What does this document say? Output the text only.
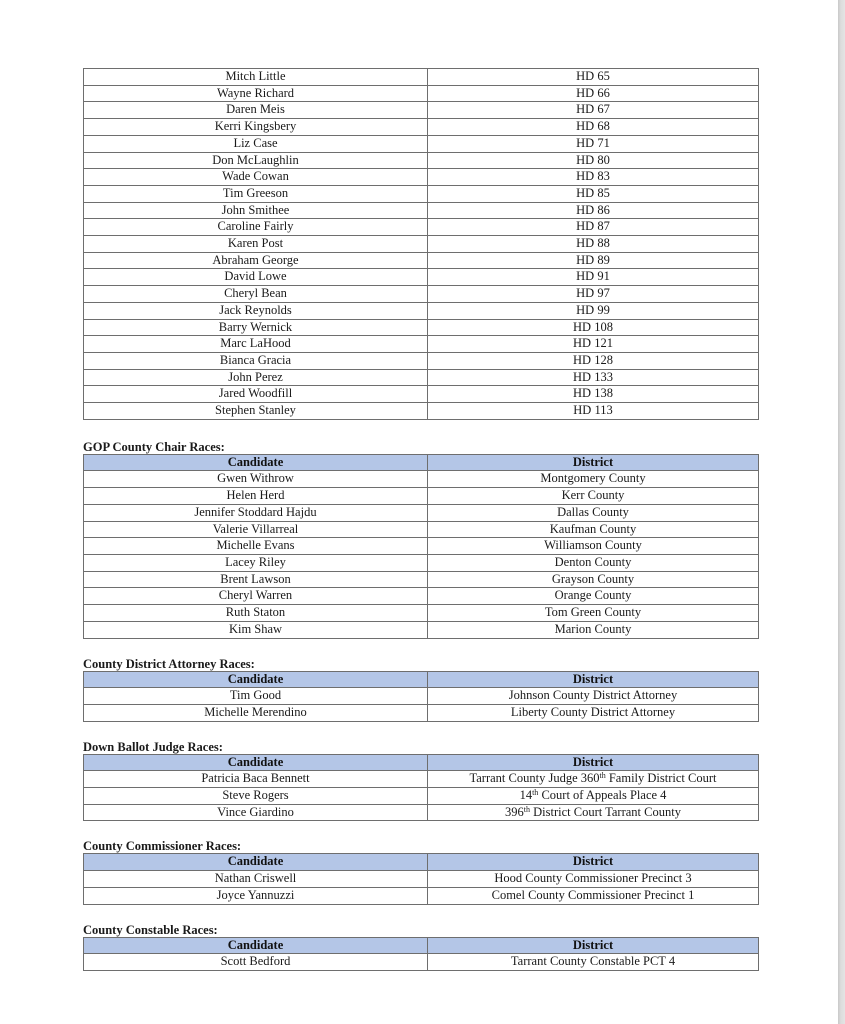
Mitch Little	HD 65
Wayne Richard	HD 66
Daren Meis	HD 67
Kerri Kingsbery	HD 68
Liz Case	HD 71
Don McLaughlin	HD 80
Wade Cowan	HD 83
Tim Greeson	HD 85
John Smithee	HD 86
Caroline Fairly	HD 87
Karen Post	HD 88
Abraham George	HD 89
David Lowe	HD 91
Cheryl Bean	HD 97
Jack Reynolds	HD 99
Barry Wernick	HD 108
Marc LaHood	HD 121
Bianca Gracia	HD 128
John Perez	HD 133
Jared Woodfill	HD 138
Stephen Stanley	HD 113

GOP County Chair Races:

Candidate	District
Gwen Withrow	Montgomery County
Helen Herd	Kerr County
Jennifer Stoddard Hajdu	Dallas County
Valerie Villarreal	Kaufman County
Michelle Evans	Williamson County
Lacey Riley	Denton County
Brent Lawson	Grayson County
Cheryl Warren	Orange County
Ruth Staton	Tom Green County
Kim Shaw	Marion County

County District Attorney Races:

Candidate	District
Tim Good	Johnson County District Attorney
Michelle Merendino	Liberty County District Attorney

Down Ballot Judge Races:

Candidate	District
Patricia Baca Bennett	Tarrant County Judge 360th Family District Court
Steve Rogers	14th Court of Appeals Place 4
Vince Giardino	396th District Court Tarrant County

County Commissioner Races:

Candidate	District
Nathan Criswell	Hood County Commissioner Precinct 3
Joyce Yannuzzi	Comel County Commissioner Precinct 1

County Constable Races:

Candidate	District
Scott Bedford	Tarrant County Constable PCT 4
